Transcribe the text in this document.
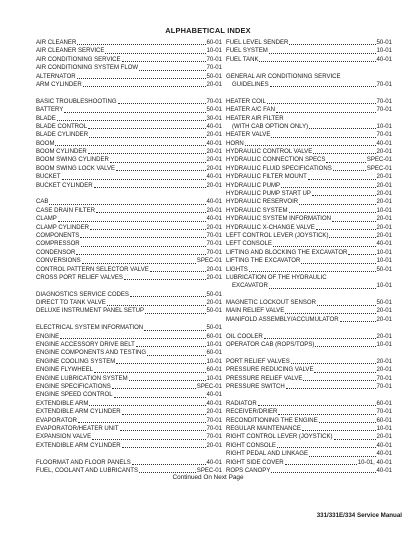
ALPHABETICAL INDEX
AIR CLEANER	60-01
AIR CLEANER SERVICE	10-01
AIR CONDITIONING SERVICE	70-01
AIR CONDITIONING SYSTEM FLOW	70-01
ALTERNATOR	50-01
ARM CYLINDER	20-01
BASIC TROUBLESHOOTING	70-01
BATTERY	50-01
BLADE	30-01
BLADE CONTROL	40-01
BLADE CYLINDER	20-01
BOOM	40-01
BOOM CYLINDER	20-01
BOOM SWING CYLINDER	20-01
BOOM SWING LOCK VALVE	20-01
BUCKET	40-01
BUCKET CYLINDER	20-01
CAB	40-01
CASE DRAIN FILTER	20-01
CLAMP	40-01
CLAMP CYLINDER	20-01
COMPONENTS	70-01
COMPRESSOR	70-01
CONDENSOR	70-01
CONVERSIONS	SPEC-01
CONTROL PATTERN SELECTOR VALVE	20-01
CROSS PORT RELIEF VALVES	20-01
DIAGNOSTICS SERVICE CODES	50-01
DIRECT TO TANK VALVE	20-01
DELUXE INSTRUMENT PANEL SETUP	50-01
ELECTRICAL SYSTEM INFORMATION	50-01
ENGINE	60-01
ENGINE ACCESSORY DRIVE BELT	10-01
ENGINE COMPONENTS AND TESTING	60-01
ENGINE COOLING SYSTEM	10-01
ENGINE FLYWHEEL	60-01
ENGINE LUBRICATION SYSTEM	10-01
ENGINE SPECIFICATIONS	SPEC-01
ENGINE SPEED CONTROL	40-01
EXTENDIBLE ARM	40-01
EXTENDIBLE ARM CYLINDER	20-01
EVAPORATOR	70-01
EVAPORATOR/HEATER UNIT	70-01
EXPANSION VALVE	70-01
EXTENDIBLE ARM CYLINDER	20-01
FLOORMAT AND FLOOR PANELS	40-01
FUEL, COOLANT AND LUBRICANTS	SPEC-01
FUEL LEVEL SENDER	50-01
FUEL SYSTEM	10-01
FUEL TANK	40-01
GENERAL AIR CONDITIONING SERVICE
GUIDELINES	70-01
HEATER COIL	70-01
HEATER A/C FAN	70-01
HEATER AIR FILTER
(WITH CAB OPTION ONLY)	10-01
HEATER VALVE	70-01
HORN	40-01
HYDRAULIC CONTROL VALVE	20-01
HYDRAULIC CONNECTION SPECS	SPEC-01
HYDRAULIC FLUID SPECIFICATIONS	SPEC-01
HYDRAULIC FILTER MOUNT	20-01
HYDRAULIC PUMP	20-01
HYDRAULIC PUMP START UP	20-01
HYDRAULIC RESERVOIR	20-01
HYDRAULIC SYSTEM	10-01
HYDRAULIC SYSTEM INFORMATION	20-01
HYDRAULIC X-CHANGE VALVE	20-01
LEFT CONTROL LEVER (JOYSTICK)	20-01
LEFT CONSOLE	40-01
LIFTING AND BLOCKING THE EXCAVATOR	10-01
LIFTING THE EXCAVATOR	10-01
LIGHTS	50-01
LUBRICATION OF THE HYDRAULIC
EXCAVATOR	10-01
MAGNETIC LOCKOUT SENSOR	50-01
MAIN RELIEF VALVE	20-01
MANIFOLD ASSEMBLY/ACCUMULATOR	20-01
OIL COOLER	20-01
OPERATOR CAB (ROPS/TOPS)	10-01
PORT RELIEF VALVES	20-01
PRESSURE REDUCING VALVE	20-01
PRESSURE RELIEF VALVE	70-01
PRESSURE SWITCH	70-01
RADIATOR	60-01
RECEIVER/DRIER	70-01
RECONDITIONING THE ENGINE	60-01
REGULAR MAINTENANCE	10-01
RIGHT CONTROL LEVER (JOYSTICK)	20-01
RIGHT CONSOLE	40-01
RIGHT PEDAL AND LINKAGE	40-01
RIGHT SIDE COVER	10-01, 40-01
ROPS CANOPY	40-01
Continued On Next Page
331/331E/334 Service Manual
